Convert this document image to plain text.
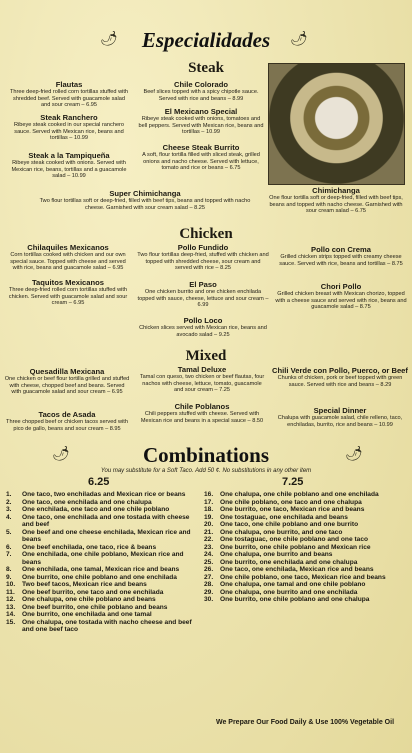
Especialidades
🌶	🌶
Steak
Flautas
Three deep-fried rolled corn tortillas stuffed with shredded beef. Served with guacamole salad and sour cream – 6.95
Steak Ranchero
Ribeye steak cooked in our special ranchero sauce. Served with Mexican rice, beans and tortillas – 10.99
Steak a la Tampiqueña
Ribeye steak cooked with onions. Served with Mexican rice, beans, tortillas and a guacamole salad – 10.99
Chile Colorado
Beef slices topped with a spicy chipotle sauce. Served with rice and beans – 8.99
El Mexicano Special
Ribeye steak cooked with onions, tomatoes and bell peppers. Served with Mexican rice, beans and tortillas – 10.99
Cheese Steak Burrito
A soft, flour tortilla filled with sliced steak, grilled onions and nacho cheese. Served with lettuce, tomato and rice or beans – 6.75
Super Chimichanga
Two flour tortillas soft or deep-fried, filled with beef tips, beans and topped with nacho cheese. Garnished with sour cream salad – 8.25
Chimichanga
One flour tortilla soft or deep-fried, filled with beef tips, beans and topped with nacho cheese. Garnished with sour cream salad – 6.75
Chicken
Chilaquiles Mexicanos
Corn tortillas cooked with chicken and our own special sauce. Topped with cheese and served with rice, beans and guacamole salad – 6.95
Taquitos Mexicanos
Three deep-fried rolled corn tortillas stuffed with chicken. Served with guacamole salad and sour cream – 6.95
Pollo Fundido
Two flour tortillas deep-fried, stuffed with chicken and topped with shredded cheese, sour cream and served with rice – 8.25
El Paso
One chicken burrito and one chicken enchilada topped with sauce, cheese, lettuce and sour cream – 6.99
Pollo Loco
Chicken slices served with Mexican rice, beans and avocado salad – 9.25
Pollo con Crema
Grilled chicken strips topped with creamy cheese sauce. Served with rice, beans and tortillas – 8.75
Chori Pollo
Grilled chicken breast with Mexican chorizo, topped with a cheese sauce and served with rice, beans and guacamole salad – 8.75
Mixed
Quesadilla Mexicana
One chicken or beef flour tortilla grilled and stuffed with cheese, chopped beef and beans. Served with guacamole salad and sour cream – 6.95
Tacos de Asada
Three chopped beef or chicken tacos served with pico de gallo, beans and sour cream – 8.95
Tamal Deluxe
Tamal con queso, two chicken or beef flautas, four nachos with cheese, lettuce, tomato, guacamole and sour cream – 7.25
Chile Poblanos
Chili peppers stuffed with cheese. Served with Mexican rice and beans in a special sauce – 8.50
Chili Verde con Pollo, Puerco, or Beef
Chunks of chicken, pork or beef topped with green sauce. Served with rice and beans – 8.29
Special Dinner
Chalupa with guacamole salad, chile relleno, taco, enchiladas, burrito, rice and beans – 10.99
Combinations
🌶	🌶
You may substitute for a Soft Taco. Add 50 ¢. No substitutions in any other item
6.25	7.25
1. One taco, two enchiladas and Mexican rice or beans
2. One taco, one enchilada and one chalupa
3. One enchilada, one taco and one chile poblano
4. One taco, one enchilada and one tostada with cheese and beef
5. One beef and one cheese enchilada, Mexican rice and beans
6. One beef enchilada, one taco, rice & beans
7. One enchilada, one chile poblano, Mexican rice and beans
8. One enchilada, one tamal, Mexican rice and beans
9. One burrito, one chile poblano and one enchilada
10. Two beef tacos, Mexican rice and beans
11. One beef burrito, one taco and one enchilada
12. One chalupa, one chile poblano and beans
13. One beef burrito, one chile poblano and beans
14. One burrito, one enchilada and one tamal
15. One chalupa, one tostada with nacho cheese and beef and one beef taco
16. One chalupa, one chile poblano and one enchilada
17. One chile poblano, one taco and one chalupa
18. One burrito, one taco, Mexican rice and beans
19. One tostaguac, one enchilada and beans
20. One taco, one chile poblano and one burrito
21. One chalupa, one burrito, and one taco
22. One tostaguac, one chile poblano and one taco
23. One burrito, one chile poblano and Mexican rice
24. One chalupa, one burrito and beans
25. One burrito, one enchilada and one chalupa
26. One taco, one enchilada, Mexican rice and beans
27. One chile poblano, one taco, Mexican rice and beans
28. One chalupa, one tamal and one chile poblano
29. One chalupa, one burrito and one enchilada
30. One burrito, one chile poblano and one chalupa
We Prepare Our Food Daily & Use 100% Vegetable Oil
